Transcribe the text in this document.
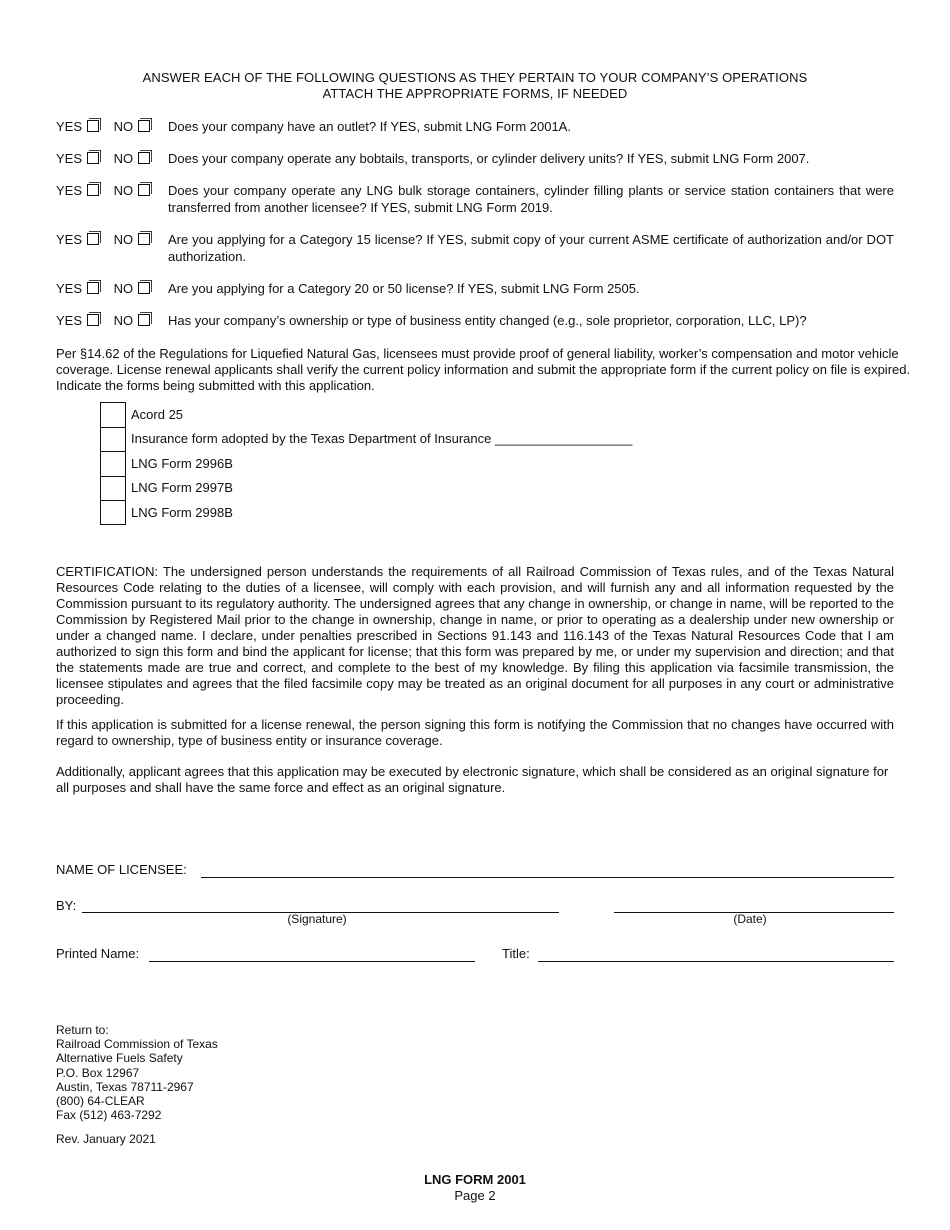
ANSWER EACH OF THE FOLLOWING QUESTIONS AS THEY PERTAIN TO YOUR COMPANY’S OPERATIONS
ATTACH THE APPROPRIATE FORMS, IF NEEDED
YES NO	Does your company have an outlet? If YES, submit LNG Form 2001A.
YES NO	Does your company operate any bobtails, transports, or cylinder delivery units? If YES, submit LNG Form 2007.
YES NO	Does your company operate any LNG bulk storage containers, cylinder filling plants or service station containers that were transferred from another licensee? If YES, submit LNG Form 2019.
YES NO	Are you applying for a Category 15 license? If YES, submit copy of your current ASME certificate of authorization and/or DOT authorization.
YES NO	Are you applying for a Category 20 or 50 license? If YES, submit LNG Form 2505.
YES NO	Has your company’s ownership or type of business entity changed (e.g., sole proprietor, corporation, LLC, LP)?
Per §14.62 of the Regulations for Liquefied Natural Gas, licensees must provide proof of general liability, worker’s compensation and motor vehicle coverage. License renewal applicants shall verify the current policy information and submit the appropriate form if the current policy on file is expired. Indicate the forms being submitted with this application.
Acord 25
Insurance form adopted by the Texas Department of Insurance ___________________
LNG Form 2996B
LNG Form 2997B
LNG Form 2998B
CERTIFICATION: The undersigned person understands the requirements of all Railroad Commission of Texas rules, and of the Texas Natural Resources Code relating to the duties of a licensee, will comply with each provision, and will furnish any and all information requested by the Commission pursuant to its regulatory authority. The undersigned agrees that any change in ownership, or change in name, will be reported to the Commission by Registered Mail prior to the change in ownership, change in name, or prior to operating as a dealership under new ownership or under a changed name. I declare, under penalties prescribed in Sections 91.143 and 116.143 of the Texas Natural Resources Code that I am authorized to sign this form and bind the applicant for license; that this form was prepared by me, or under my supervision and direction; and that the statements made are true and correct, and complete to the best of my knowledge. By filing this application via facsimile transmission, the licensee stipulates and agrees that the filed facsimile copy may be treated as an original document for all purposes in any court or administrative proceeding.
If this application is submitted for a license renewal, the person signing this form is notifying the Commission that no changes have occurred with regard to ownership, type of business entity or insurance coverage.
Additionally, applicant agrees that this application may be executed by electronic signature, which shall be considered as an original signature for all purposes and shall have the same force and effect as an original signature.
NAME OF LICENSEE:
BY:
(Signature)	(Date)
Printed Name:	Title:
Return to:
Railroad Commission of Texas
Alternative Fuels Safety
P.O. Box 12967
Austin, Texas 78711-2967
(800) 64-CLEAR
Fax (512) 463-7292
Rev. January 2021
LNG FORM 2001
Page 2
